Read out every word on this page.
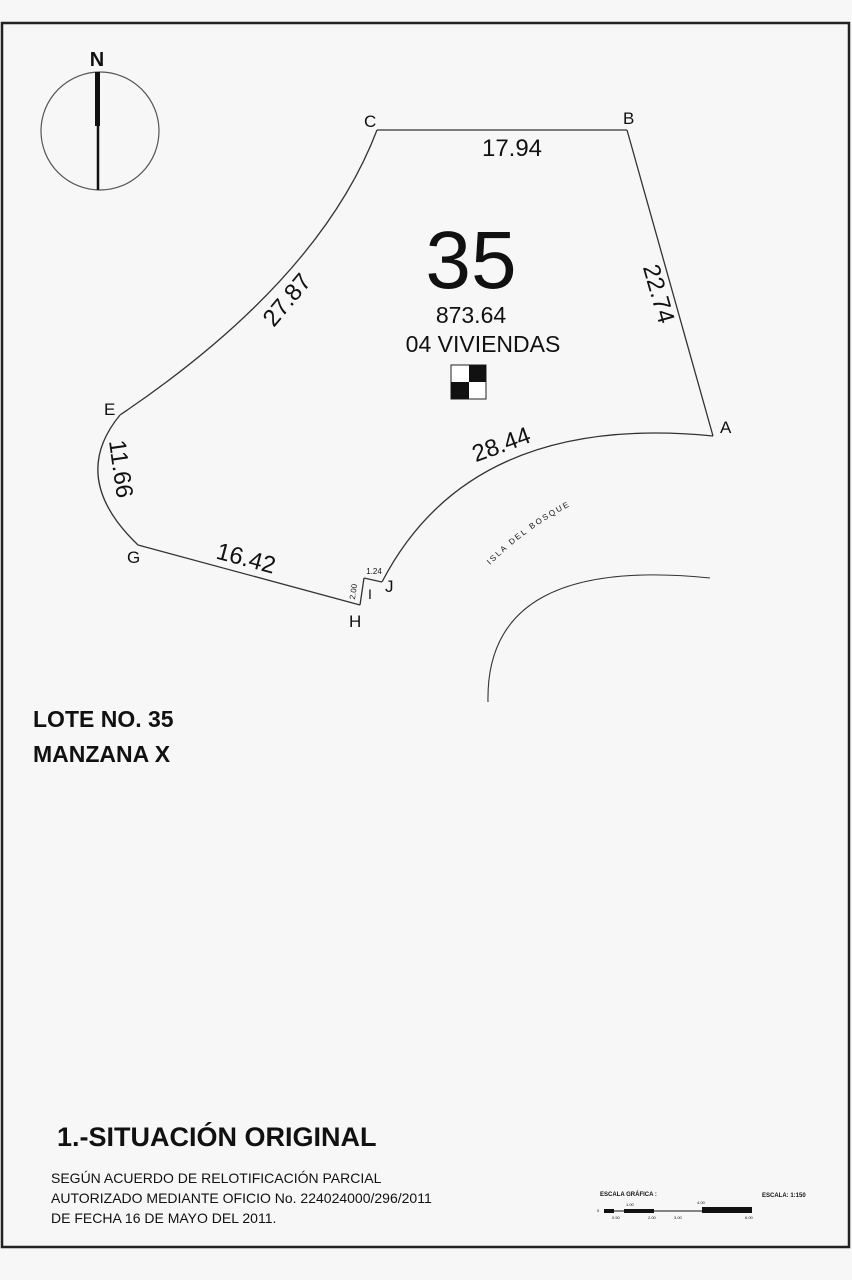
N
A
B
C
E
G
H
I J
17.94
22.74
27.87
11.66
16.42
28.44
2.00
1.24
35
873.64
04 VIVIENDAS
ISLA DEL BOSQUE
LOTE NO. 35
MANZANA X
1.-SITUACIÓN ORIGINAL
SEGÚN ACUERDO DE RELOTIFICACIÓN PARCIAL
AUTORIZADO MEDIANTE OFICIO No. 224024000/296/2011
DE FECHA 16 DE MAYO DEL 2011.
ESCALA GRÁFICA :	ESCALA: 1:150
0
1.00
2.00
4.00
6.00
0.50	3.00
